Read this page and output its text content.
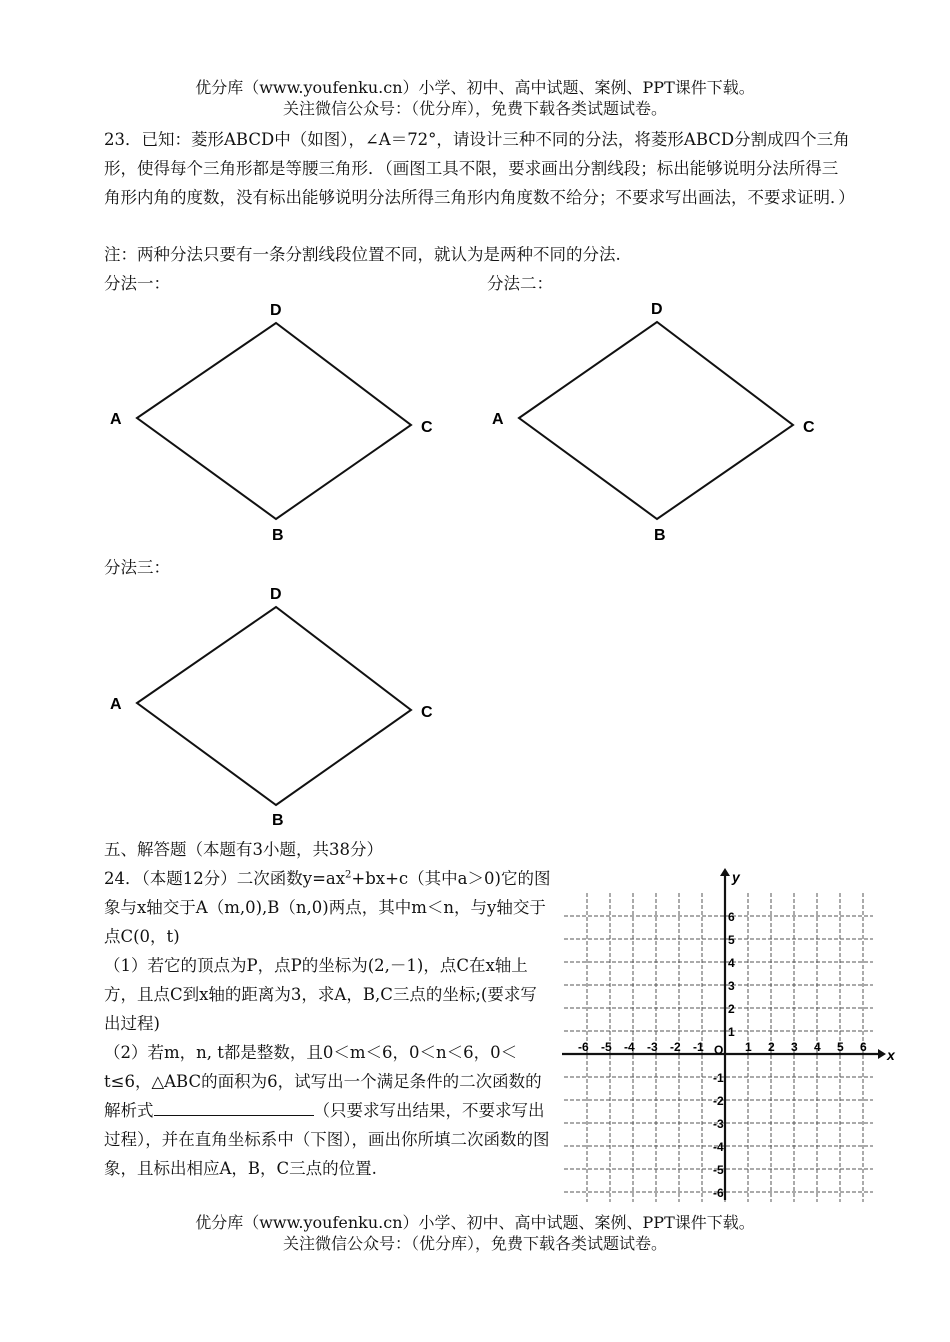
优分库（www.youfenku.cn）小学、初中、高中试题、案例、PPT课件下载。
关注微信公众号：（优分库），免费下载各类试题试卷。
23．已知：菱形ABCD中（如图），∠A＝72°，请设计三种不同的分法，将菱形ABCD分割成四个三角形，使得每个三角形都是等腰三角形．（画图工具不限，要求画出分割线段；标出能够说明分法所得三角形内角的度数，没有标出能够说明分法所得三角形内角度数不给分；不要求写出画法，不要求证明．）
注：两种分法只要有一条分割线段位置不同，就认为是两种不同的分法.
分法一：	分法二：
D
A	C
B
D
A	C
B
D
A	C
B
分法三：
五、解答题（本题有3小题，共38分）
24．（本题12分）二次函数$y=ax^2+bx+c$（其中a＞0)它的图象与x轴交于A（m,0),B（n,0)两点，其中m＜n，与y轴交于点C(0，t)
（1）若它的顶点为P，点P的坐标为(2,－1)，点C在x轴上方，且点C到x轴的距离为3，求A，B,C三点的坐标;(要求写出过程)
（2）若m，n, t都是整数，且0＜m＜6，0＜n＜6，0＜t≤6，△ABC的面积为6，试写出一个满足条件的二次函数的解析式	（只要求写出结果，不要求写出过程），并在直角坐标系中（下图），画出你所填二次函数的图象，且标出相应A，B，C三点的位置.
-6 -5 -4 -3 -2 -1	1 2 3 4 5 6
6
5
4
3
2
1
-1
-2
-3
-4
-5
-6
x
y
O
优分库（www.youfenku.cn）小学、初中、高中试题、案例、PPT课件下载。
关注微信公众号：（优分库），免费下载各类试题试卷。
